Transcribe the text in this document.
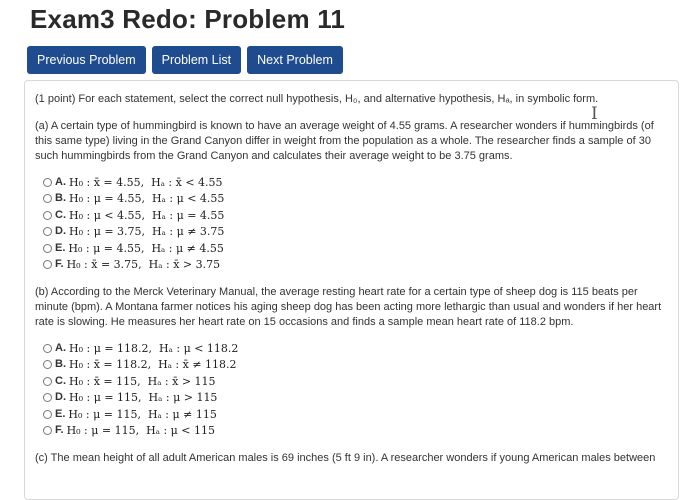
Exam3 Redo: Problem 11
Previous Problem	Problem List	Next Problem
(1 point) For each statement, select the correct null hypothesis, H₀, and alternative hypothesis, Hₐ, in symbolic form.
(a) A certain type of hummingbird is known to have an average weight of 4.55 grams. A researcher wonders if hummingbirds (of this same type) living in the Grand Canyon differ in weight from the population as a whole. The researcher finds a sample of 30 such hummingbirds from the Grand Canyon and calculates their average weight to be 3.75 grams.
A. H₀ : x̄ = 4.55,  Hₐ : x̄ < 4.55
B. H₀ : μ = 4.55,  Hₐ : μ < 4.55
C. H₀ : μ < 4.55,  Hₐ : μ = 4.55
D. H₀ : μ = 3.75,  Hₐ : μ ≠ 3.75
E. H₀ : μ = 4.55,  Hₐ : μ ≠ 4.55
F. H₀ : x̄ = 3.75,  Hₐ : x̄ > 3.75
(b) According to the Merck Veterinary Manual, the average resting heart rate for a certain type of sheep dog is 115 beats per minute (bpm). A Montana farmer notices his aging sheep dog has been acting more lethargic than usual and wonders if her heart rate is slowing. He measures her heart rate on 15 occasions and finds a sample mean heart rate of 118.2 bpm.
A. H₀ : μ = 118.2,  Hₐ : μ < 118.2
B. H₀ : x̄ = 118.2,  Hₐ : x̄ ≠ 118.2
C. H₀ : x̄ = 115,  Hₐ : x̄ > 115
D. H₀ : μ = 115,  Hₐ : μ > 115
E. H₀ : μ = 115,  Hₐ : μ ≠ 115
F. H₀ : μ = 115,  Hₐ : μ < 115
(c) The mean height of all adult American males is 69 inches (5 ft 9 in). A researcher wonders if young American males between
I
